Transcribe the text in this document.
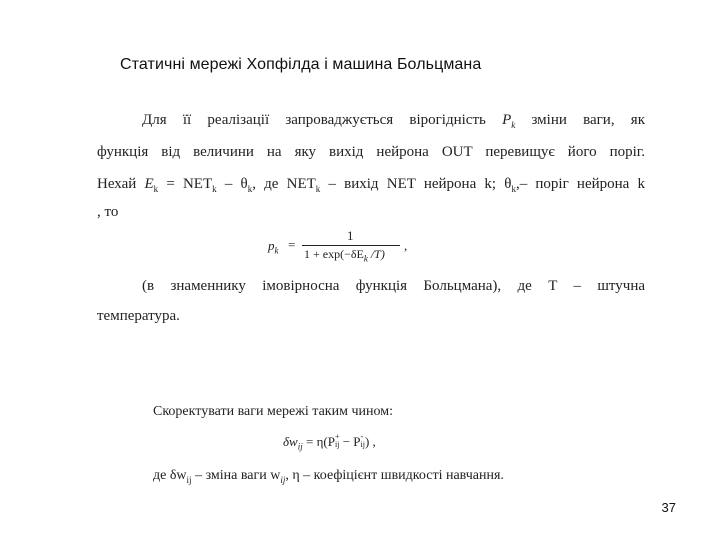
Статичні мережі Хопфілда і машина Больцмана
Для її реалізації запроваджується вірогідність $P_k$ зміни ваги, як
функція від величини на яку вихід нейрона OUT перевищує його поріг.
Нехай $E_k = NET_k - \theta_k$, де $NET_k$ – вихід NET нейрона k; $\theta_k,-$ поріг нейрона k
, то
$p_k$ =
1
$1 + \exp(-\delta E_k$ /T)
,
(в знаменнику імовірносна функція Больцмана), де T – штучна
температура.
Скоректувати ваги мережі таким чином:
$\delta w_{ij} = \eta(P+$
ij − P-
ij) ,
де $\delta w_{ij}$ – зміна ваги $w_{ij}$, η – коефіцієнт швидкості навчання.
37
